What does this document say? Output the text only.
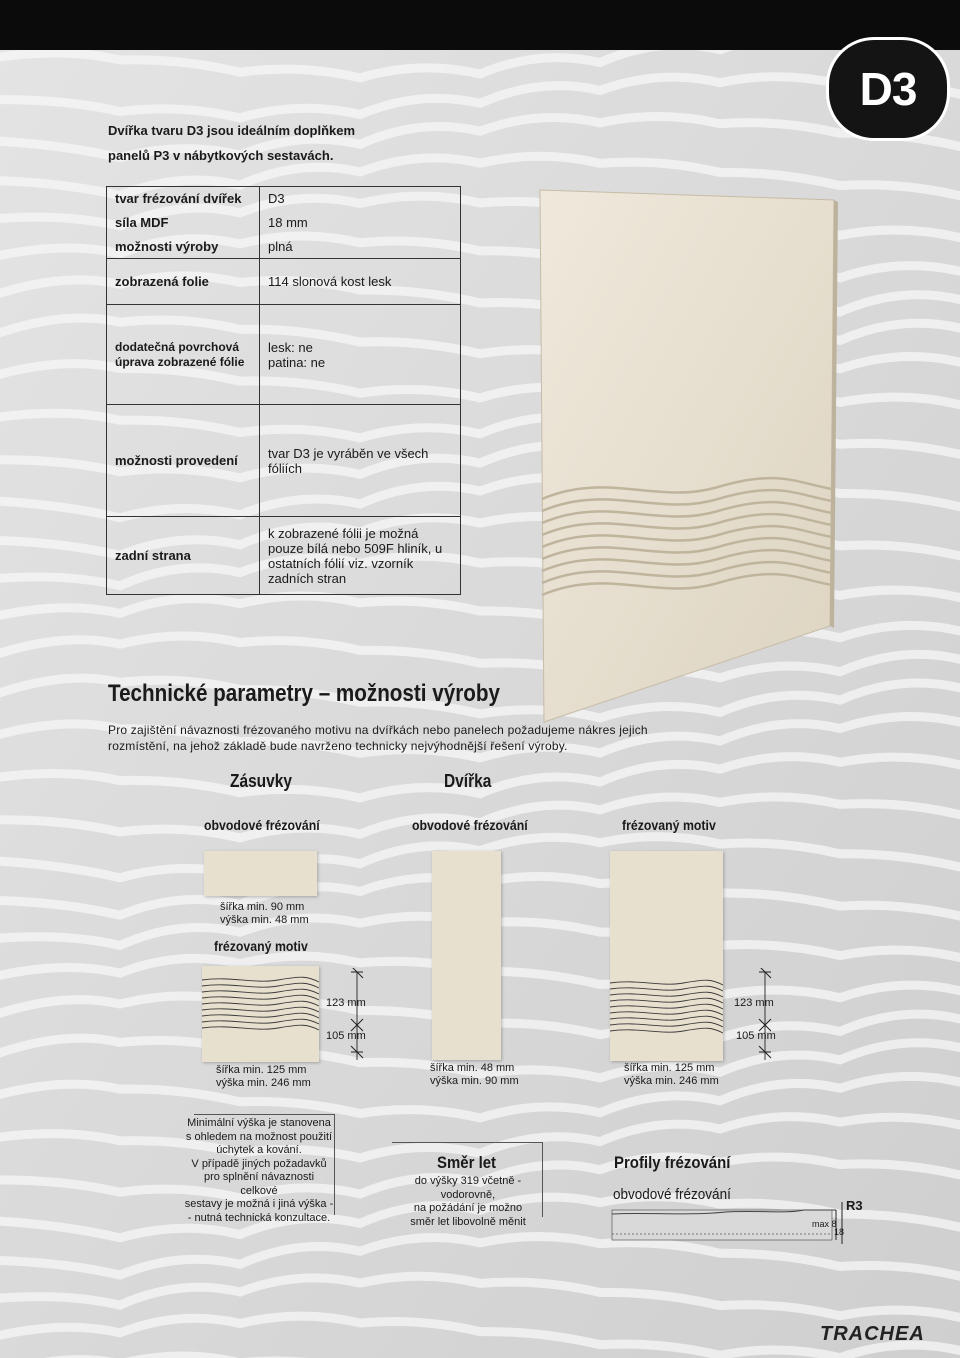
D3
Dvířka tvaru D3 jsou ideálním doplňkem
panelů P3 v nábytkových sestavách.
tvar frézování dvířek	D3
síla MDF	18 mm
možnosti výroby	plná
zobrazená folie	114 slonová kost lesk
dodatečná povrchová úprava zobrazené fólie	lesk: ne
patina: ne

možnosti provedení	tvar D3 je vyráběn ve všech fóliích
zadní strana	k zobrazené fólii je možná pouze bílá nebo 509F hliník, u ostatních fólií viz. vzorník zadních stran
Technické parametry – možnosti výroby
Pro zajištění návaznosti frézovaného motivu na dvířkách nebo panelech požadujeme nákres jejich rozmístění, na jehož základě bude navrženo technicky nejvýhodnější řešení výroby.
Zásuvky	Dvířka
obvodové frézování	obvodové frézování	frézovaný motiv
šířka min. 90 mm
výška min. 48 mm
frézovaný motiv
123 mm
105 mm
šířka min. 125 mm
výška min. 246 mm
šířka min. 48 mm
výška min. 90 mm
123 mm
105 mm
šířka min. 125 mm
výška min. 246 mm
Minimální výška je stanovena
s ohledem na možnost použití
úchytek a kování.
V případě jiných požadavků
pro splnění návaznosti celkové
sestavy je možná i jiná výška -
- nutná technická konzultace.
Směr let
do výšky 319 včetně - vodorovně,
na požádání je možno
směr let libovolně měnit
Profily frézování
obvodové frézování
max 8
18
R3
TRACHEA
